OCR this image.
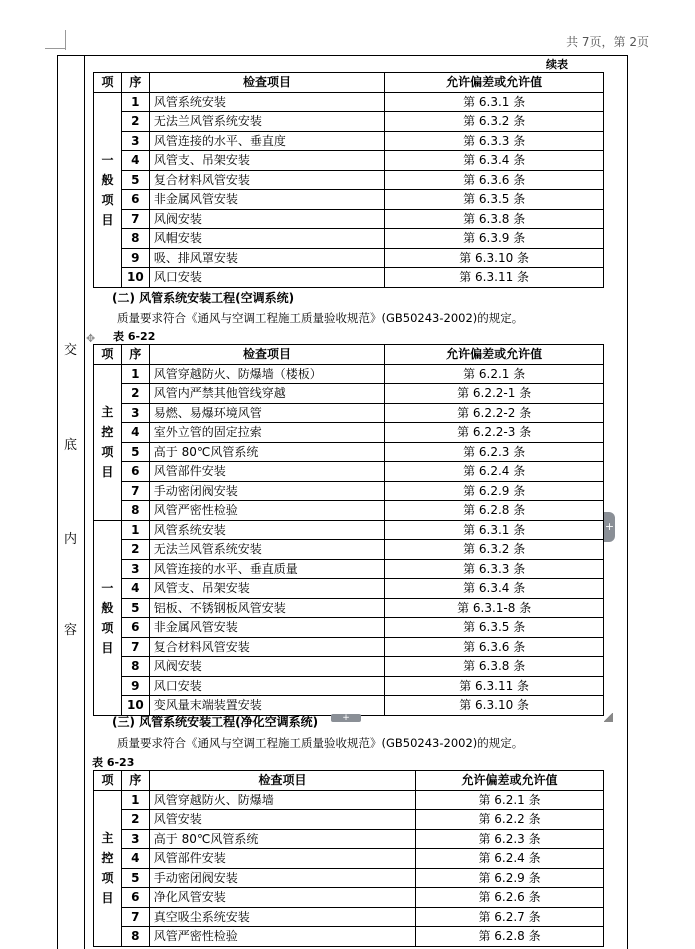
共 7页，第 2页
交
底
内
容
续表
项	序	检查项目	允许偏差或允许值
一
般
项
目	1	风管系统安装	第 6.3.1 条
	2	无法兰风管系统安装	第 6.3.2 条
	3	风管连接的水平、垂直度	第 6.3.3 条
	4	风管支、吊架安装	第 6.3.4 条
	5	复合材料风管安装	第 6.3.6 条
	6	非金属风管安装	第 6.3.5 条
	7	风阀安装	第 6.3.8 条
	8	风帽安装	第 6.3.9 条
	9	吸、排风罩安装	第 6.3.10 条
	10	风口安装	第 6.3.11 条
(二) 风管系统安装工程(空调系统)
质量要求符合《通风与空调工程施工质量验收规范》(GB50243-2002)的规定。
表 6-22
✥
项	序	检查项目	允许偏差或允许值
主
控
项
目	1	风管穿越防火、防爆墙（楼板）	第 6.2.1 条
	2	风管内严禁其他管线穿越	第 6.2.2-1 条
	3	易燃、易爆环境风管	第 6.2.2-2 条
	4	室外立管的固定拉索	第 6.2.2-3 条
	5	高于 80℃风管系统	第 6.2.3 条
	6	风管部件安装	第 6.2.4 条
	7	手动密闭阀安装	第 6.2.9 条
	8	风管严密性检验	第 6.2.8 条
一
般
项
目	1	风管系统安装	第 6.3.1 条
	2	无法兰风管系统安装	第 6.3.2 条
	3	风管连接的水平、垂直质量	第 6.3.3 条
	4	风管支、吊架安装	第 6.3.4 条
	5	铝板、不锈钢板风管安装	第 6.3.1-8 条
	6	非金属风管安装	第 6.3.5 条
	7	复合材料风管安装	第 6.3.6 条
	8	风阀安装	第 6.3.8 条
	9	风口安装	第 6.3.11 条
	10	变风量末端装置安装	第 6.3.10 条
(三) 风管系统安装工程(净化空调系统)	+
质量要求符合《通风与空调工程施工质量验收规范》(GB50243-2002)的规定。
表 6-23
项	序	检查项目	允许偏差或允许值
主
控
项
目	1	风管穿越防火、防爆墙	第 6.2.1 条
	2	风管安装	第 6.2.2 条
	3	高于 80℃风管系统	第 6.2.3 条
	4	风管部件安装	第 6.2.4 条
	5	手动密闭阀安装	第 6.2.9 条
	6	净化风管安装	第 6.2.6 条
	7	真空吸尘系统安装	第 6.2.7 条
	8	风管严密性检验	第 6.2.8 条
+
